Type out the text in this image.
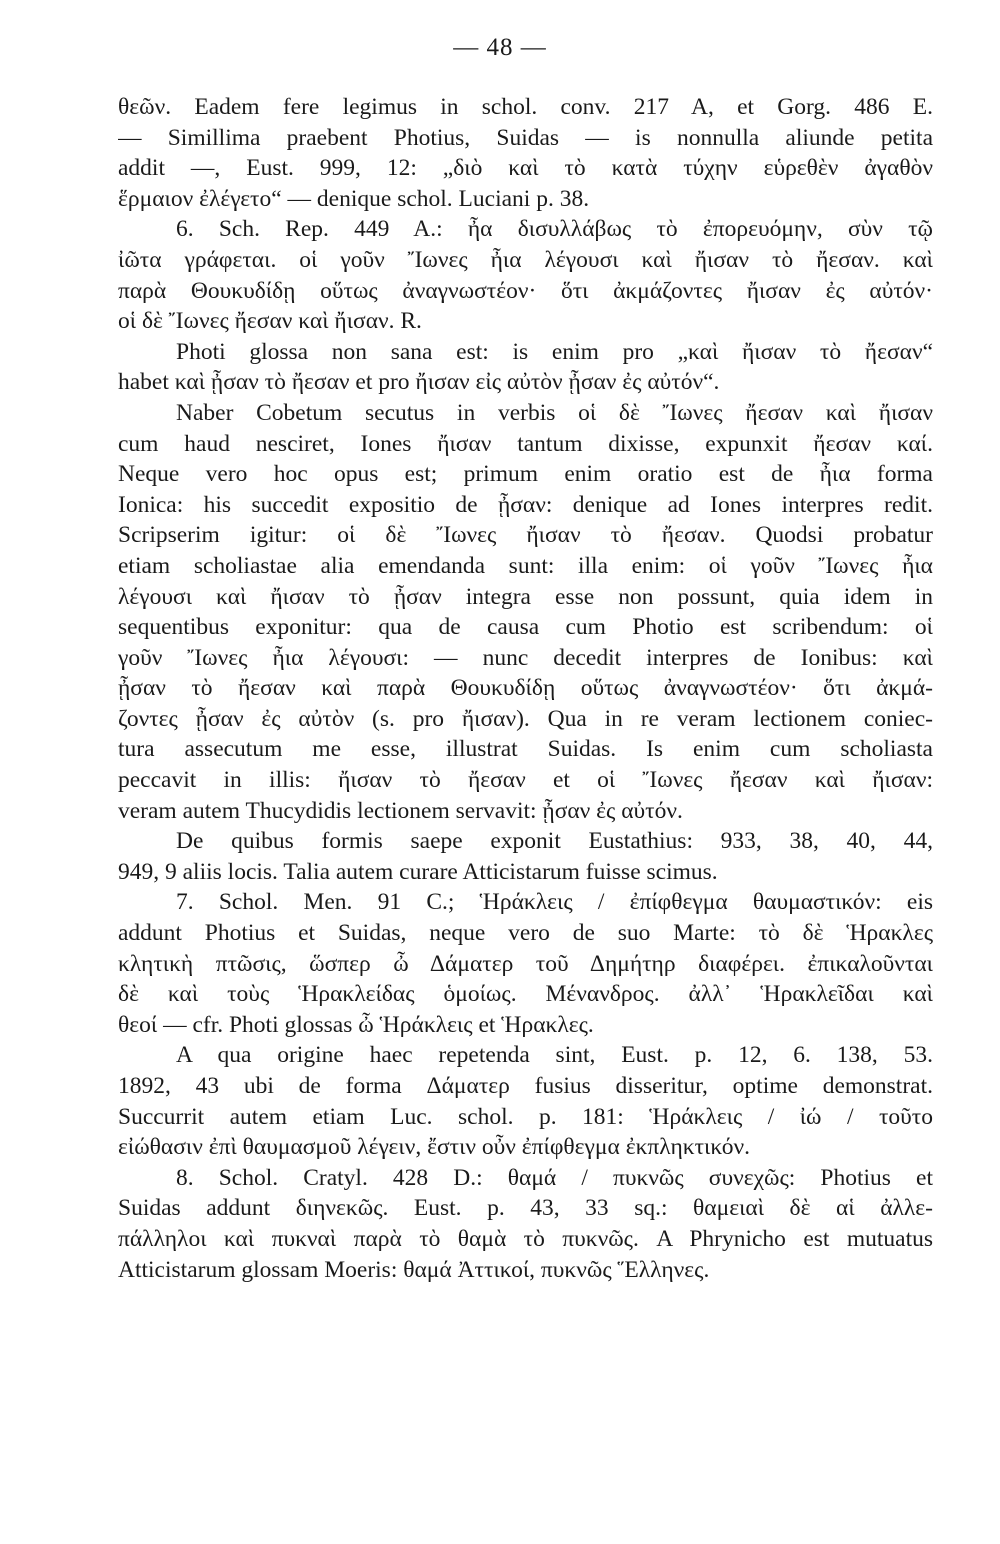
— 48 —
θεῶν. Eadem fere legimus in schol. conv. 217 A, et Gorg. 486 E.
— Simillima praebent Photius, Suidas — is nonnulla aliunde petita
addit —, Eust. 999, 12: „διὸ καὶ τὸ κατὰ τύχην εὑρεθὲν ἀγαθὸν
ἕρμαιον ἐλέγετο“ — denique schol. Luciani p. 38.
6. Sch. Rep. 449 A.: ἦα δισυλλάβως τὸ ἐπορευόμην, σὺν τῷ
ἰῶτα γράφεται. οἱ γοῦν Ἴωνες ἦια λέγουσι καὶ ἤισαν τὸ ἤεσαν. καὶ
παρὰ Θουκυδίδῃ οὕτως ἀναγνωστέον· ὅτι ἀκμάζοντες ἤισαν ἐς αὐτόν·
οἱ δὲ Ἴωνες ἤεσαν καὶ ἤισαν. R.
Photi glossa non sana est: is enim pro „καὶ ἤισαν τὸ ἤεσαν“
habet καὶ ᾖσαν τὸ ἤεσαν et pro ἤισαν εἰς αὐτὸν ᾖσαν ἐς αὐτόν“.
Naber Cobetum secutus in verbis οἱ δὲ Ἴωνες ἤεσαν καὶ ἤισαν
cum haud nesciret, Iones ἤισαν tantum dixisse, expunxit ἤεσαν καί.
Neque vero hoc opus est; primum enim oratio est de ἦια forma
Ionica: his succedit expositio de ᾖσαν: denique ad Iones interpres redit.
Scripserim igitur: οἱ δὲ Ἴωνες ἤισαν τὸ ἤεσαν. Quodsi probatur
etiam scholiastae alia emendanda sunt: illa enim: οἱ γοῦν Ἴωνες ἦια
λέγουσι καὶ ἤισαν τὸ ᾖσαν integra esse non possunt, quia idem in
sequentibus exponitur: qua de causa cum Photio est scribendum: οἱ
γοῦν Ἴωνες ἦια λέγουσι: — nunc decedit interpres de Ionibus: καὶ
ᾖσαν τὸ ἤεσαν καὶ παρὰ Θουκυδίδῃ οὕτως ἀναγνωστέον· ὅτι ἀκμά-
ζοντες ᾖσαν ἐς αὐτὸν (s. pro ἤισαν). Qua in re veram lectionem coniec-
tura assecutum me esse, illustrat Suidas. Is enim cum scholiasta
peccavit in illis: ἤισαν τὸ ἤεσαν et οἱ Ἴωνες ἤεσαν καὶ ἤισαν:
veram autem Thucydidis lectionem servavit: ᾖσαν ἐς αὐτόν.
De quibus formis saepe exponit Eustathius: 933, 38, 40, 44,
949, 9 aliis locis. Talia autem curare Atticistarum fuisse scimus.
7. Schol. Men. 91 C.; Ἡράκλεις / ἐπίφθεγμα θαυμαστικόν: eis
addunt Photius et Suidas, neque vero de suo Marte: τὸ δὲ Ἡρακλες
κλητικὴ πτῶσις, ὥσπερ ὦ Δάματερ τοῦ Δημήτηρ διαφέρει. ἐπικαλοῦνται
δὲ καὶ τοὺς Ἡρακλείδας ὁμοίως. Μένανδρος. ἀλλ᾽ Ἡρακλεῖδαι καὶ
θεοί — cfr. Photi glossas ὦ Ἡράκλεις et Ἡρακλες.
A qua origine haec repetenda sint, Eust. p. 12, 6. 138, 53.
1892, 43 ubi de forma Δάματερ fusius disseritur, optime demonstrat.
Succurrit autem etiam Luc. schol. p. 181: Ἡράκλεις / ἰώ / τοῦτο
εἰώθασιν ἐπὶ θαυμασμοῦ λέγειν, ἔστιν οὖν ἐπίφθεγμα ἐκπληκτικόν.
8. Schol. Cratyl. 428 D.: θαμά / πυκνῶς συνεχῶς: Photius et
Suidas addunt διηνεκῶς. Eust. p. 43, 33 sq.: θαμειαὶ δὲ αἱ ἀλλε-
πάλληλοι καὶ πυκναὶ παρὰ τὸ θαμὰ τὸ πυκνῶς. A Phrynicho est mutuatus
Atticistarum glossam Moeris: θαμά Ἀττικοί, πυκνῶς Ἕλληνες.
